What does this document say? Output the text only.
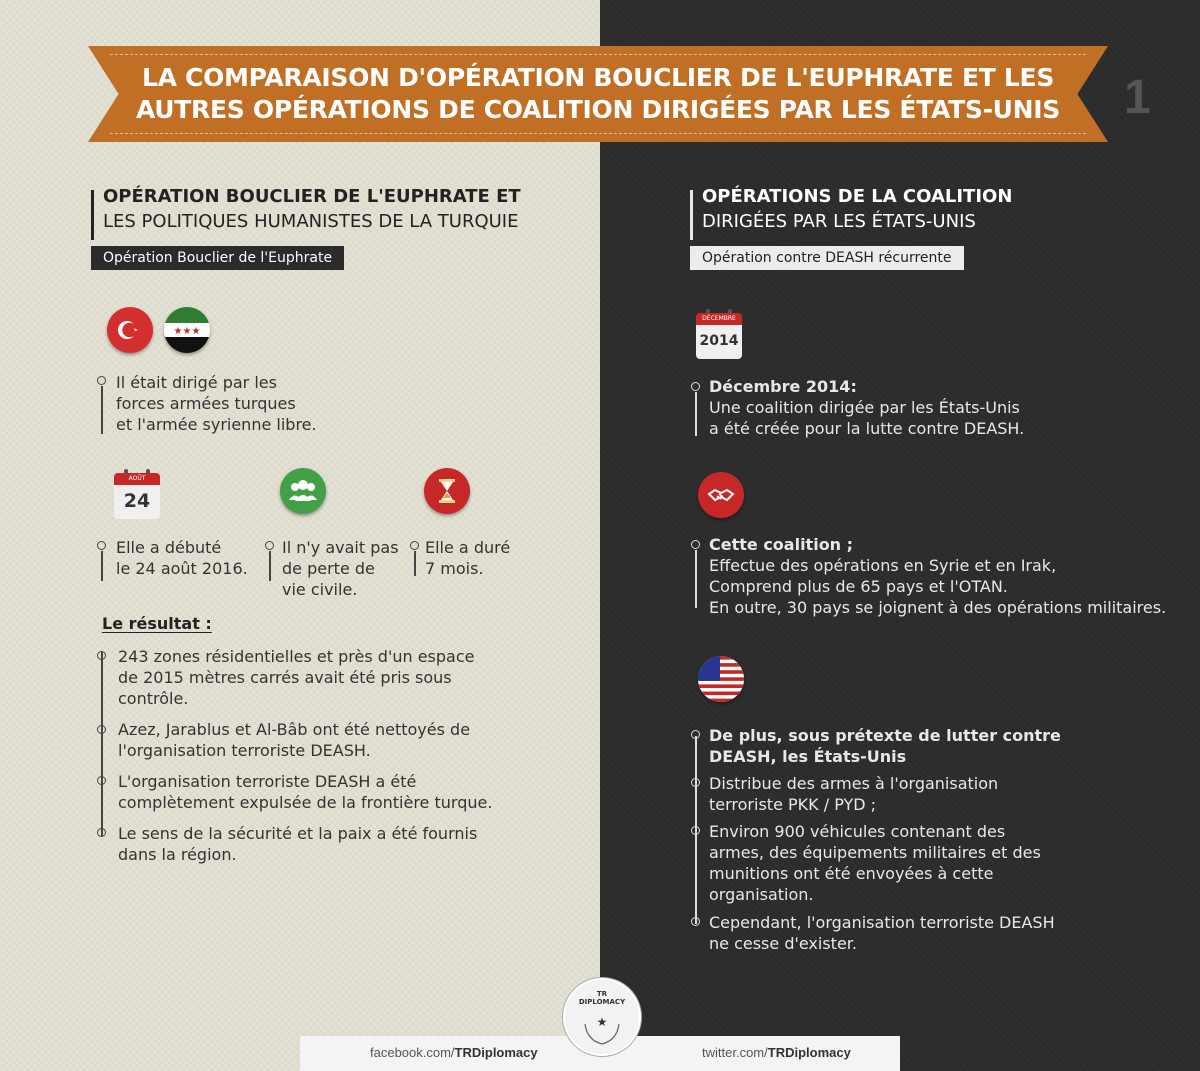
LA COMPARAISON D'OPÉRATION BOUCLIER DE L'EUPHRATE ET LES
AUTRES OPÉRATIONS DE COALITION DIRIGÉES PAR LES ÉTATS-UNIS 1
OPÉRATION BOUCLIER DE L'EUPHRATE ET
LES POLITIQUES HUMANISTES DE LA TURQUIE
Opération Bouclier de l'Euphrate
★★★
Il était dirigé par les
forces armées turques
et l'armée syrienne libre.
AOÛT
24
Elle a débuté
le 24 août 2016.
Il n'y avait pas
de perte de
vie civile.
Elle a duré
7 mois.
Le résultat :
243 zones résidentielles et près d'un espace
de 2015 mètres carrés avait été pris sous
contrôle.
Azez, Jarablus et Al-Bâb ont été nettoyés de
l'organisation terroriste DEASH.
L'organisation terroriste DEASH a été
complètement expulsée de la frontière turque.
Le sens de la sécurité et la paix a été fournis
dans la région.
OPÉRATIONS DE LA COALITION
DIRIGÉES PAR LES ÉTATS-UNIS
Opération contre DEASH récurrente
DÉCEMBRE
2014
Décembre 2014:
Une coalition dirigée par les États-Unis
a été créée pour la lutte contre DEASH.
Cette coalition ;
Effectue des opérations en Syrie et en Irak,
Comprend plus de 65 pays et l'OTAN.
En outre, 30 pays se joignent à des opérations militaires.
De plus, sous prétexte de lutter contre
DEASH, les États-Unis
Distribue des armes à l'organisation
terroriste PKK / PYD ;
Environ 900 véhicules contenant des
armes, des équipements militaires et des
munitions ont été envoyées à cette
organisation.
Cependant, l'organisation terroriste DEASH
ne cesse d'exister.
facebook.com/TRDiplomacy	twitter.com/TRDiplomacy
TR
DIPLOMACY
★
